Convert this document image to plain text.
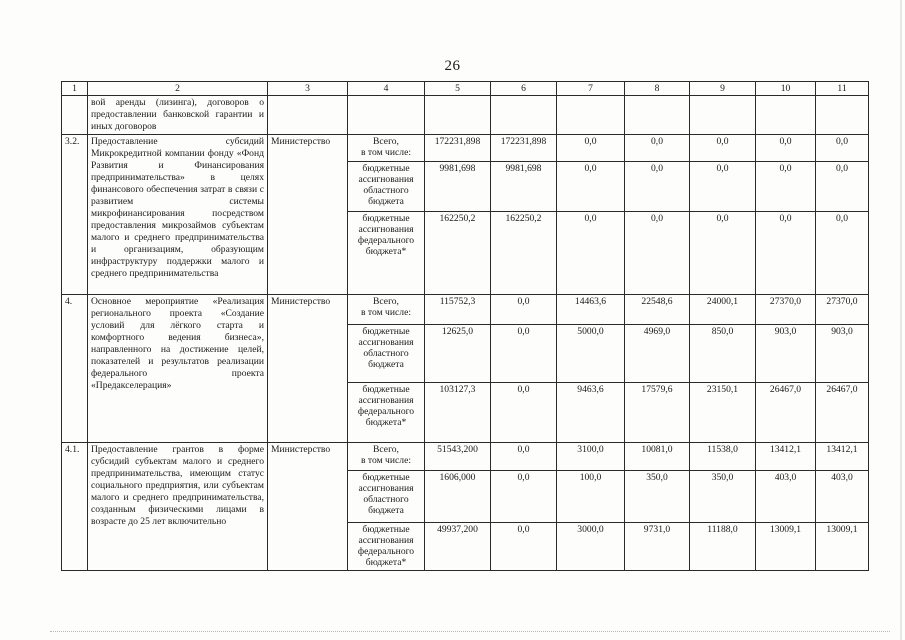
26
1	2	3	4	5	6	7	8	9	10	11
	вой аренды (лизинга), договоров о предоставлении банковской гарантии и иных договоров									
3.2.	Предоставление субсидий Микрокредитной компании фонду «Фонд Развития и Финансирования предпринимательства» в целях финансового обеспечения затрат в связи с развитием системы микрофинансирования посредством предоставления микрозаймов субъектам малого и среднего предпринимательства и организациям, образующим инфраструктуру поддержки малого и среднего предпринимательства	Министерство	Всего,
в том числе:	172231,898	172231,898	0,0	0,0	0,0	0,0	0,0
			бюджетные ассигнования областного бюджета	9981,698	9981,698	0,0	0,0	0,0	0,0	0,0
			бюджетные ассигнования федерального бюджета*	162250,2	162250,2	0,0	0,0	0,0	0,0	0,0
4.	Основное мероприятие «Реализация регионального проекта «Создание условий для лёгкого старта и комфортного ведения бизнеса», направленного на достижение целей, показателей и результатов реализации федерального проекта «Предакселерация»	Министерство	Всего,
в том числе:	115752,3	0,0	14463,6	22548,6	24000,1	27370,0	27370,0
			бюджетные ассигнования областного бюджета	12625,0	0,0	5000,0	4969,0	850,0	903,0	903,0
			бюджетные ассигнования федерального бюджета*	103127,3	0,0	9463,6	17579,6	23150,1	26467,0	26467,0
4.1.	Предоставление грантов в форме субсидий субъектам малого и среднего предпринимательства, имеющим статус социального предприятия, или субъектам малого и среднего предпринимательства, созданным физическими лицами в возрасте до 25 лет включительно	Министерство	Всего,
в том числе:	51543,200	0,0	3100,0	10081,0	11538,0	13412,1	13412,1
			бюджетные ассигнования областного бюджета	1606,000	0,0	100,0	350,0	350,0	403,0	403,0
			бюджетные ассигнования федерального бюджета*	49937,200	0,0	3000,0	9731,0	11188,0	13009,1	13009,1
